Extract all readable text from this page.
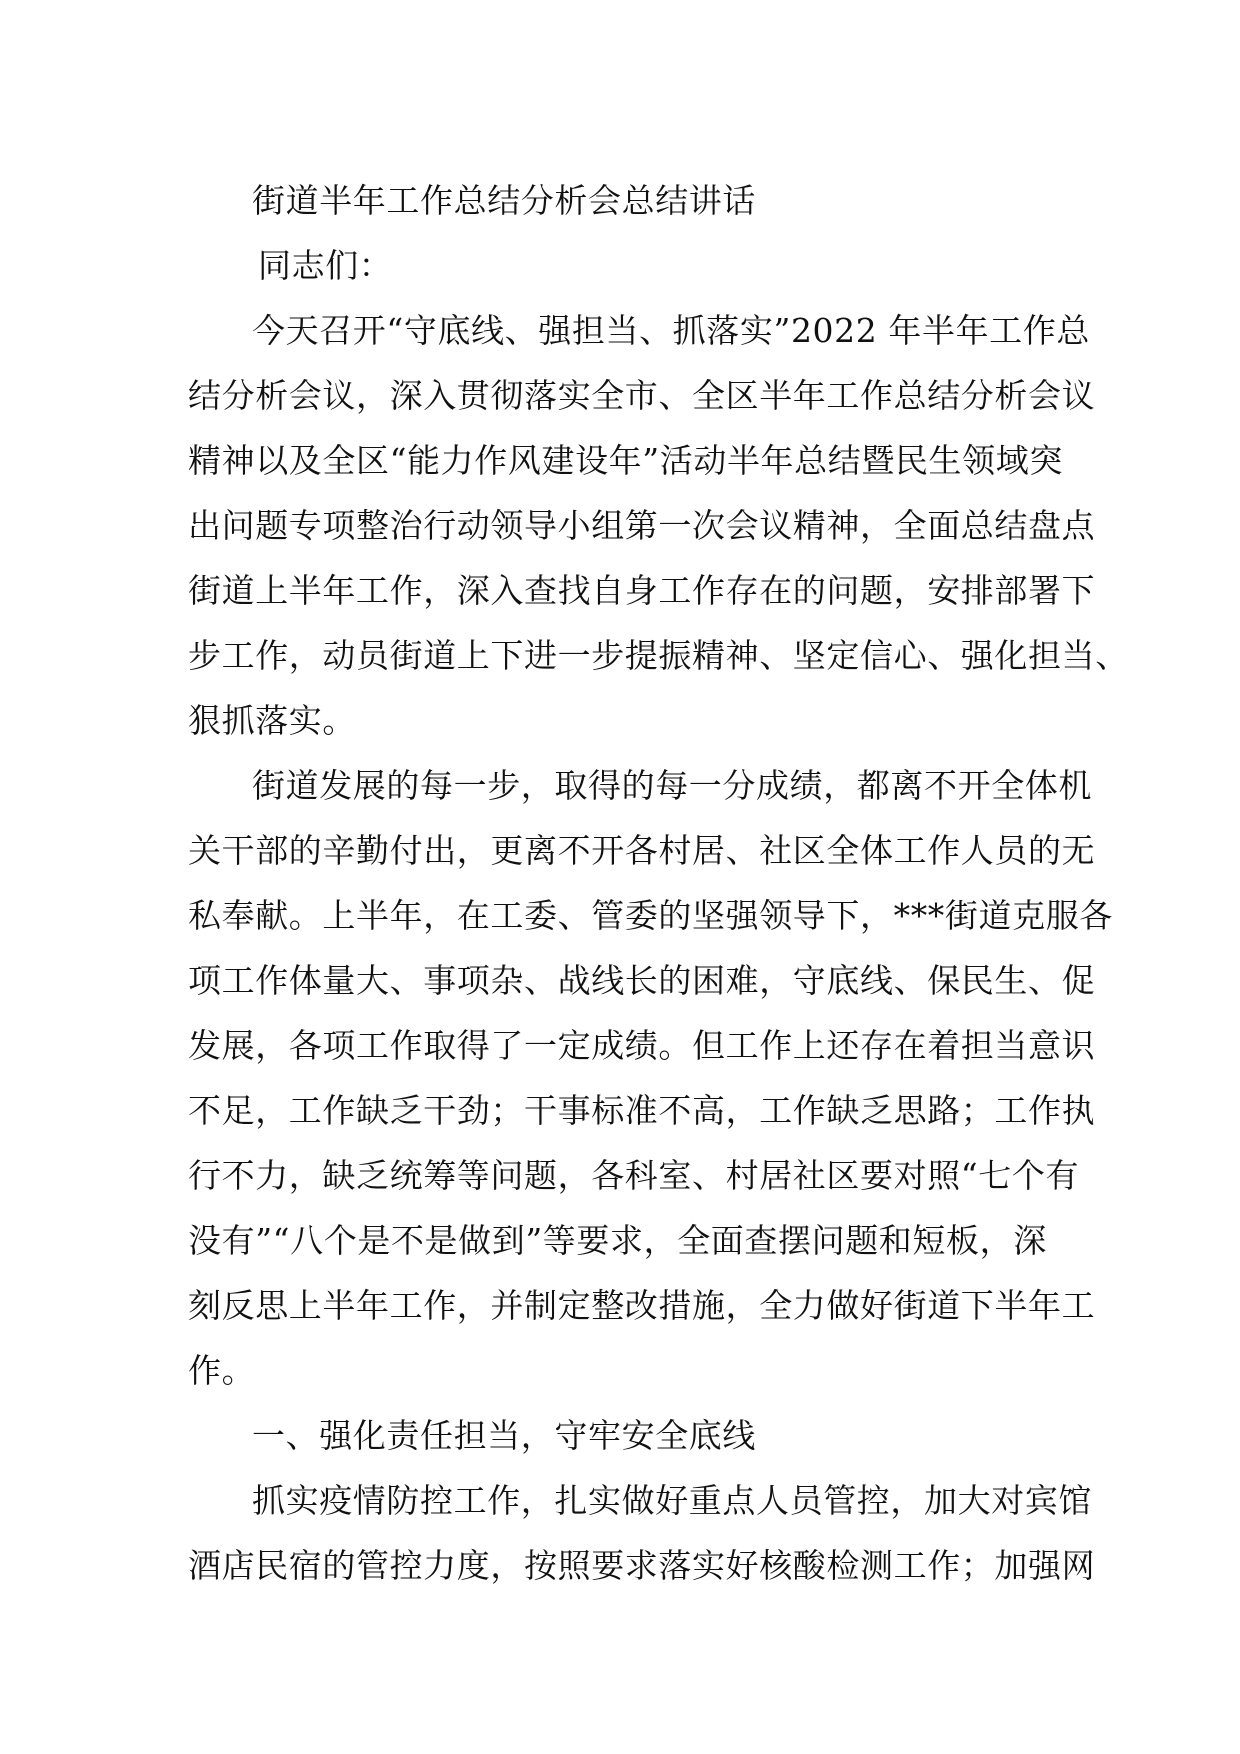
街道半年工作总结分析会总结讲话
同志们：
今天召开“守底线、强担当、抓落实”2022 年半年工作总
结分析会议，深入贯彻落实全市、全区半年工作总结分析会议
精神以及全区“能力作风建设年”活动半年总结暨民生领域突
出问题专项整治行动领导小组第一次会议精神，全面总结盘点
街道上半年工作，深入查找自身工作存在的问题，安排部署下
步工作，动员街道上下进一步提振精神、坚定信心、强化担当、
狠抓落实。
街道发展的每一步，取得的每一分成绩，都离不开全体机
关干部的辛勤付出，更离不开各村居、社区全体工作人员的无
私奉献。上半年，在工委、管委的坚强领导下，***街道克服各
项工作体量大、事项杂、战线长的困难，守底线、保民生、促
发展，各项工作取得了一定成绩。但工作上还存在着担当意识
不足，工作缺乏干劲；干事标准不高，工作缺乏思路；工作执
行不力，缺乏统筹等问题，各科室、村居社区要对照“七个有
没有”“八个是不是做到”等要求，全面查摆问题和短板，深
刻反思上半年工作，并制定整改措施，全力做好街道下半年工
作。
一、强化责任担当，守牢安全底线
抓实疫情防控工作，扎实做好重点人员管控，加大对宾馆
酒店民宿的管控力度，按照要求落实好核酸检测工作；加强网
